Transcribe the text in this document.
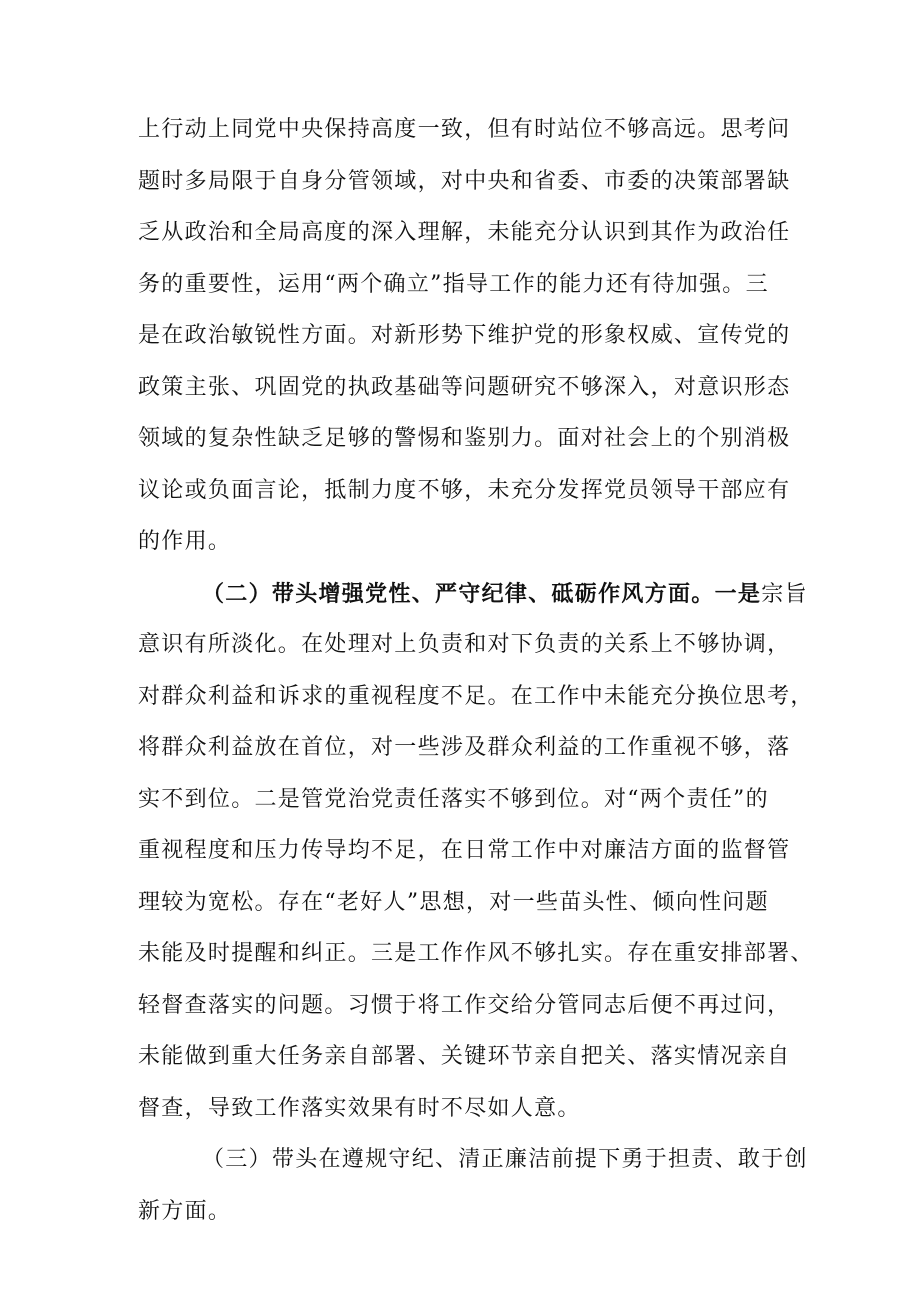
上行动上同党中央保持高度一致，但有时站位不够高远。思考问
题时多局限于自身分管领域，对中央和省委、市委的决策部署缺
乏从政治和全局高度的深入理解，未能充分认识到其作为政治任
务的重要性，运用“两个确立”指导工作的能力还有待加强。三
是在政治敏锐性方面。对新形势下维护党的形象权威、宣传党的
政策主张、巩固党的执政基础等问题研究不够深入，对意识形态
领域的复杂性缺乏足够的警惕和鉴别力。面对社会上的个别消极
议论或负面言论，抵制力度不够，未充分发挥党员领导干部应有
的作用。
（二）带头增强党性、严守纪律、砥砺作风方面。一是宗旨
意识有所淡化。在处理对上负责和对下负责的关系上不够协调，
对群众利益和诉求的重视程度不足。在工作中未能充分换位思考，
将群众利益放在首位，对一些涉及群众利益的工作重视不够，落
实不到位。二是管党治党责任落实不够到位。对“两个责任”的
重视程度和压力传导均不足，在日常工作中对廉洁方面的监督管
理较为宽松。存在“老好人”思想，对一些苗头性、倾向性问题
未能及时提醒和纠正。三是工作作风不够扎实。存在重安排部署、
轻督查落实的问题。习惯于将工作交给分管同志后便不再过问，
未能做到重大任务亲自部署、关键环节亲自把关、落实情况亲自
督查，导致工作落实效果有时不尽如人意。
（三）带头在遵规守纪、清正廉洁前提下勇于担责、敢于创
新方面。
